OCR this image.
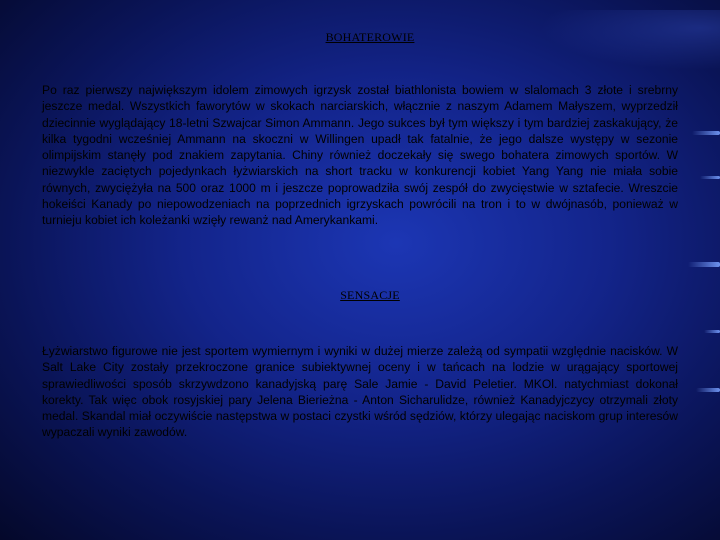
BOHATEROWIE
Po raz pierwszy największym idolem zimowych igrzysk został biathlonista bowiem w slalomach 3 złote i srebrny jeszcze medal. Wszystkich faworytów w skokach narciarskich, włącznie z naszym Adamem Małyszem, wyprzedził dziecinnie wyglądający 18-letni Szwajcar Simon Ammann. Jego sukces był tym większy i tym bardziej zaskakujący, że kilka tygodni wcześniej Ammann na skoczni w Willingen upadł tak fatalnie, że jego dalsze występy w sezonie olimpijskim stanęły pod znakiem zapytania. Chiny również doczekały się swego bohatera zimowych sportów. W niezwykle zaciętych pojedynkach łyżwiarskich na short tracku w konkurencji kobiet Yang Yang nie miała sobie równych, zwyciężyła na 500 oraz 1000 m i jeszcze poprowadziła swój zespół do zwycięstwie w sztafecie. Wreszcie hokeiści Kanady po niepowodzeniach na poprzednich igrzyskach powrócili na tron i to w dwójnasób, ponieważ w turnieju kobiet ich koleżanki wzięły rewanż nad Amerykankami.
SENSACJE
Łyżwiarstwo figurowe nie jest sportem wymiernym i wyniki w dużej mierze zależą od sympatii względnie nacisków. W Salt Lake City zostały przekroczone granice subiektywnej oceny i w tańcach na lodzie w urągający sportowej sprawiedliwości sposób skrzywdzono kanadyjską parę Sale Jamie - David Peletier. MKOl. natychmiast dokonał korekty. Tak więc obok rosyjskiej pary Jelena Bierieżna - Anton Sicharulidze, również Kanadyjczycy otrzymali złoty medal. Skandal miał oczywiście następstwa w postaci czystki wśród sędziów, którzy ulegając naciskom grup interesów wypaczali wyniki zawodów.
